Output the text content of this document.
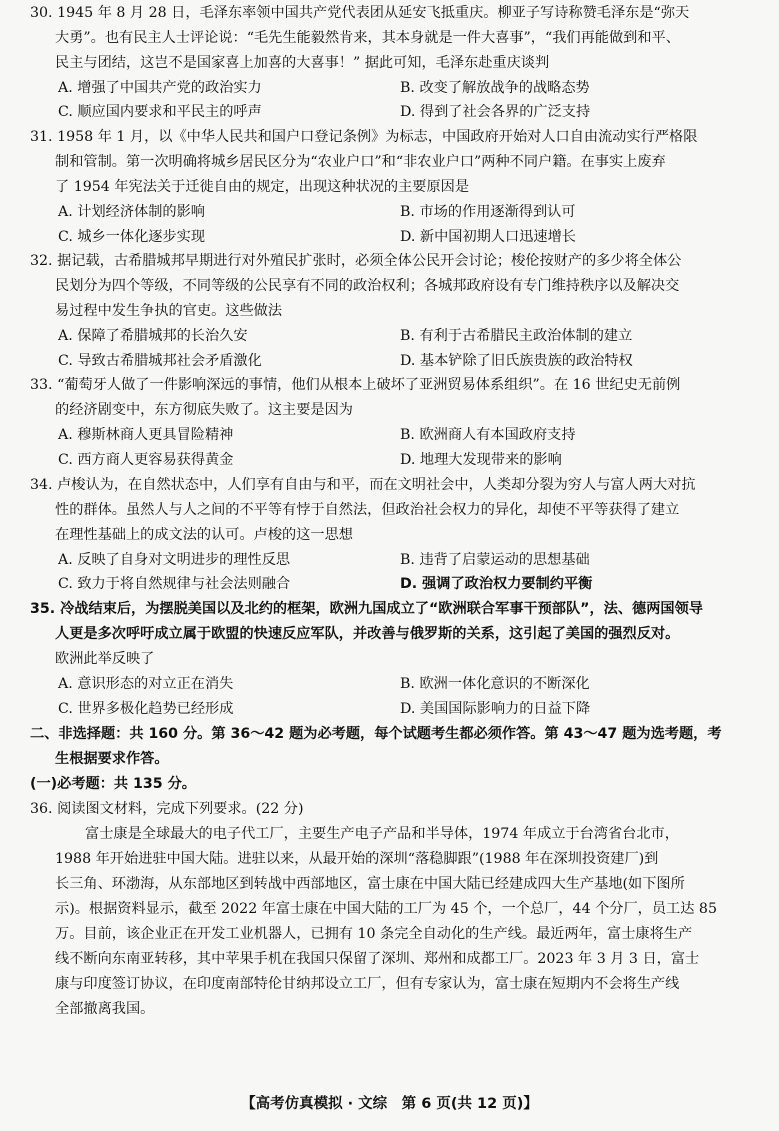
30. 1945 年 8 月 28 日，毛泽东率领中国共产党代表团从延安飞抵重庆。柳亚子写诗称赞毛泽东是“弥天
大勇”。也有民主人士评论说：“毛先生能毅然肯来，其本身就是一件大喜事”，“我们再能做到和平、
民主与团结，这岂不是国家喜上加喜的大喜事！” 据此可知，毛泽东赴重庆谈判
A. 增强了中国共产党的政治实力	B. 改变了解放战争的战略态势
C. 顺应国内要求和平民主的呼声	D. 得到了社会各界的广泛支持
31. 1958 年 1 月，以《中华人民共和国户口登记条例》为标志，中国政府开始对人口自由流动实行严格限
制和管制。第一次明确将城乡居民区分为“农业户口”和“非农业户口”两种不同户籍。在事实上废弃
了 1954 年宪法关于迁徙自由的规定，出现这种状况的主要原因是
A. 计划经济体制的影响	B. 市场的作用逐渐得到认可
C. 城乡一体化逐步实现	D. 新中国初期人口迅速增长
32. 据记载，古希腊城邦早期进行对外殖民扩张时，必须全体公民开会讨论；梭伦按财产的多少将全体公
民划分为四个等级，不同等级的公民享有不同的政治权利；各城邦政府设有专门维持秩序以及解决交
易过程中发生争执的官吏。这些做法
A. 保障了希腊城邦的长治久安	B. 有利于古希腊民主政治体制的建立
C. 导致古希腊城邦社会矛盾激化	D. 基本铲除了旧氏族贵族的政治特权
33. “葡萄牙人做了一件影响深远的事情，他们从根本上破坏了亚洲贸易体系组织”。在 16 世纪史无前例
的经济剧变中，东方彻底失败了。这主要是因为
A. 穆斯林商人更具冒险精神	B. 欧洲商人有本国政府支持
C. 西方商人更容易获得黄金	D. 地理大发现带来的影响
34. 卢梭认为，在自然状态中，人们享有自由与和平，而在文明社会中，人类却分裂为穷人与富人两大对抗
性的群体。虽然人与人之间的不平等有悖于自然法，但政治社会权力的异化，却使不平等获得了建立
在理性基础上的成文法的认可。卢梭的这一思想
A. 反映了自身对文明进步的理性反思	B. 违背了启蒙运动的思想基础
C. 致力于将自然规律与社会法则融合	D. 强调了政治权力要制约平衡
35. 冷战结束后，为摆脱美国以及北约的框架，欧洲九国成立了“欧洲联合军事干预部队”，法、德两国领导
人更是多次呼吁成立属于欧盟的快速反应军队，并改善与俄罗斯的关系，这引起了美国的强烈反对。
欧洲此举反映了
A. 意识形态的对立正在消失	B. 欧洲一体化意识的不断深化
C. 世界多极化趋势已经形成	D. 美国国际影响力的日益下降
二、非选择题：共 160 分。第 36～42 题为必考题，每个试题考生都必须作答。第 43～47 题为选考题，考
生根据要求作答。
(一)必考题：共 135 分。
36. 阅读图文材料，完成下列要求。(22 分)
富士康是全球最大的电子代工厂，主要生产电子产品和半导体，1974 年成立于台湾省台北市，
1988 年开始进驻中国大陆。进驻以来，从最开始的深圳“落稳脚跟”(1988 年在深圳投资建厂)到
长三角、环渤海，从东部地区到转战中西部地区，富士康在中国大陆已经建成四大生产基地(如下图所
示)。根据资料显示，截至 2022 年富士康在中国大陆的工厂为 45 个，一个总厂，44 个分厂，员工达 85
万。目前，该企业正在开发工业机器人，已拥有 10 条完全自动化的生产线。最近两年，富士康将生产
线不断向东南亚转移，其中苹果手机在我国只保留了深圳、郑州和成都工厂。2023 年 3 月 3 日，富士
康与印度签订协议，在印度南部特伦甘纳邦设立工厂，但有专家认为，富士康在短期内不会将生产线
全部撤离我国。
【高考仿真模拟 · 文综　第 6 页(共 12 页)】
